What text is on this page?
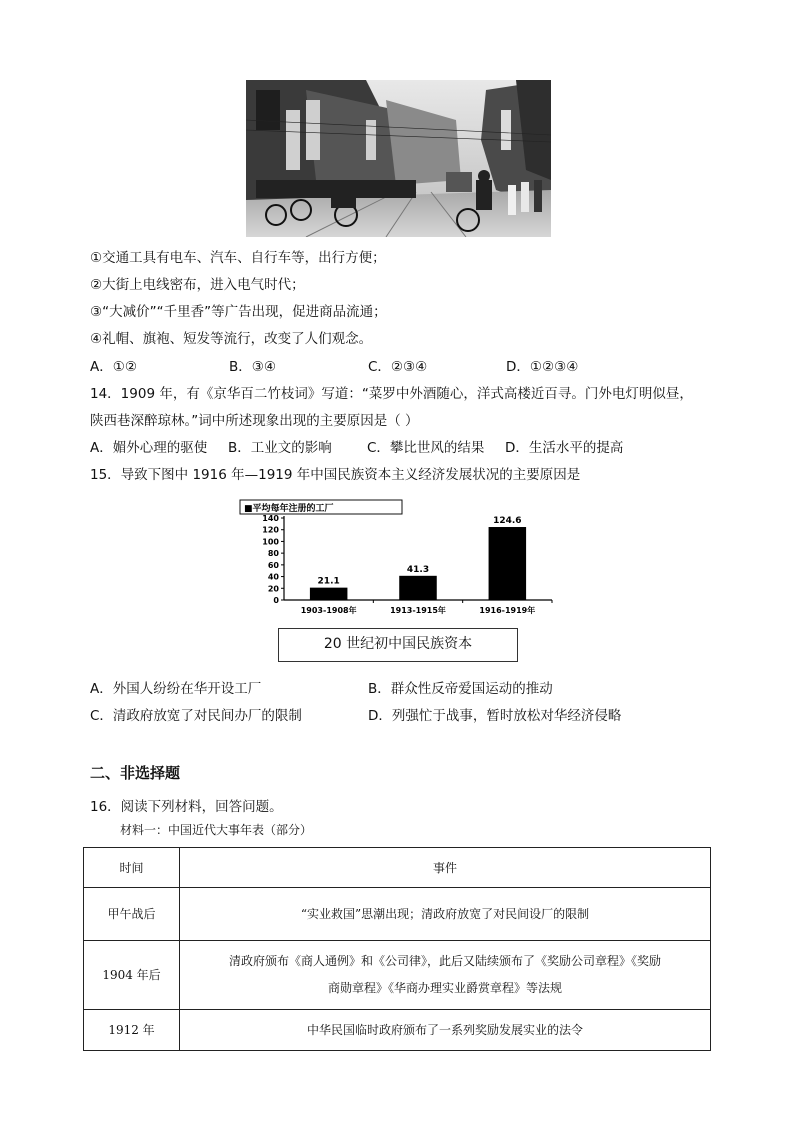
①交通工具有电车、汽车、自行车等，出行方便；
②大街上电线密布，进入电气时代；
③“大减价”“千里香”等广告出现，促进商品流通；
④礼帽、旗袍、短发等流行，改变了人们观念。
A．①②	B．③④	C．②③④	D．①②③④
14．1909 年，有《京华百二竹枝词》写道：“菜罗中外酒随心，洋式高楼近百寻。门外电灯明似昼，
陕西巷深醉琼林。”词中所述现象出现的主要原因是（ ）
A．媚外心理的驱使 B．工业文的影响	C．攀比世风的结果 D．生活水平的提高
15．导致下图中 1916 年—1919 年中国民族资本主义经济发展状况的主要原因是
■平均每年注册的工厂
0
20
40
60
80
100
120
140
1903-1908年	1913-1915年	1916-1919年
21.1
41.3
124.6
20 世纪初中国民族资本
A．外国人纷纷在华开设工厂	B．群众性反帝爱国运动的推动
C．清政府放宽了对民间办厂的限制	D．列强忙于战事，暂时放松对华经济侵略
二、非选择题
16．阅读下列材料，回答问题。
材料一：中国近代大事年表（部分）
时间	事件
甲午战后	“实业救国”思潮出现；清政府放宽了对民间设厂的限制

1904 年后	清政府颁布《商人通例》和《公司律》，此后又陆续颁布了《奖励公司章程》《奖励
商勋章程》《华商办理实业爵赏章程》等法规

1912 年	中华民国临时政府颁布了一系列奖励发展实业的法令
